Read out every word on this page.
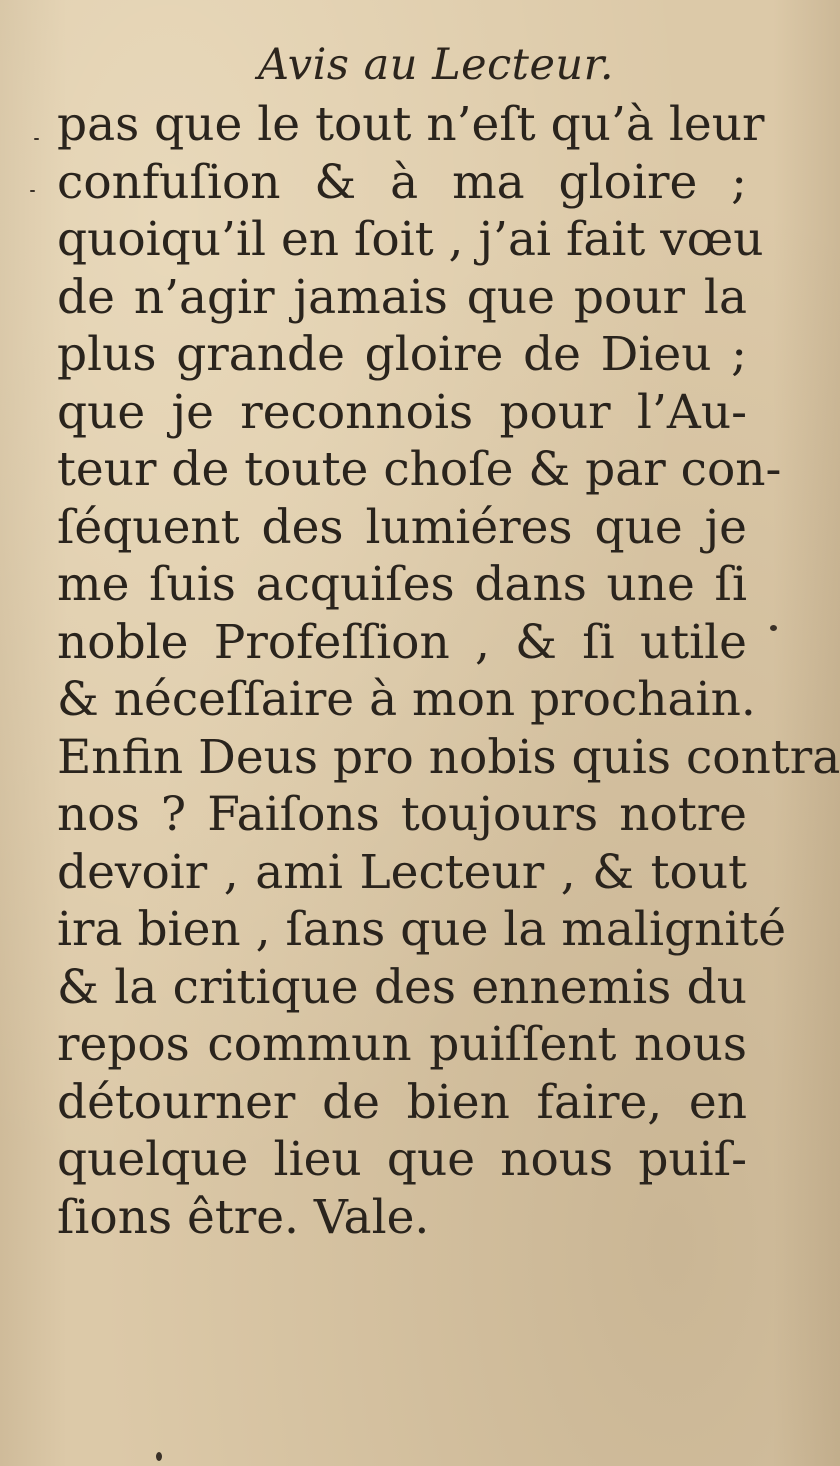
Avis au Lecteur.
pas que le tout n’eſt qu’à leur
confuſion & à ma gloire ;
quoiqu’il en ſoit , j’ai fait vœu
de n’agir jamais que pour la
plus grande gloire de Dieu ;
que je reconnois pour l’Au-
teur de toute choſe & par con-
ſéquent des lumiéres que je
me ſuis acquiſes dans une ſi
noble Profeſſion , & ſi utile
& néceſſaire à mon prochain.
Enfin Deus pro nobis quis contra
nos ? Faiſons toujours notre
devoir , ami Lecteur , & tout
ira bien , ſans que la malignité
& la critique des ennemis du
repos commun puiſſent nous
détourner de bien faire, en
quelque lieu que nous puiſ-
ſions être. Vale.
